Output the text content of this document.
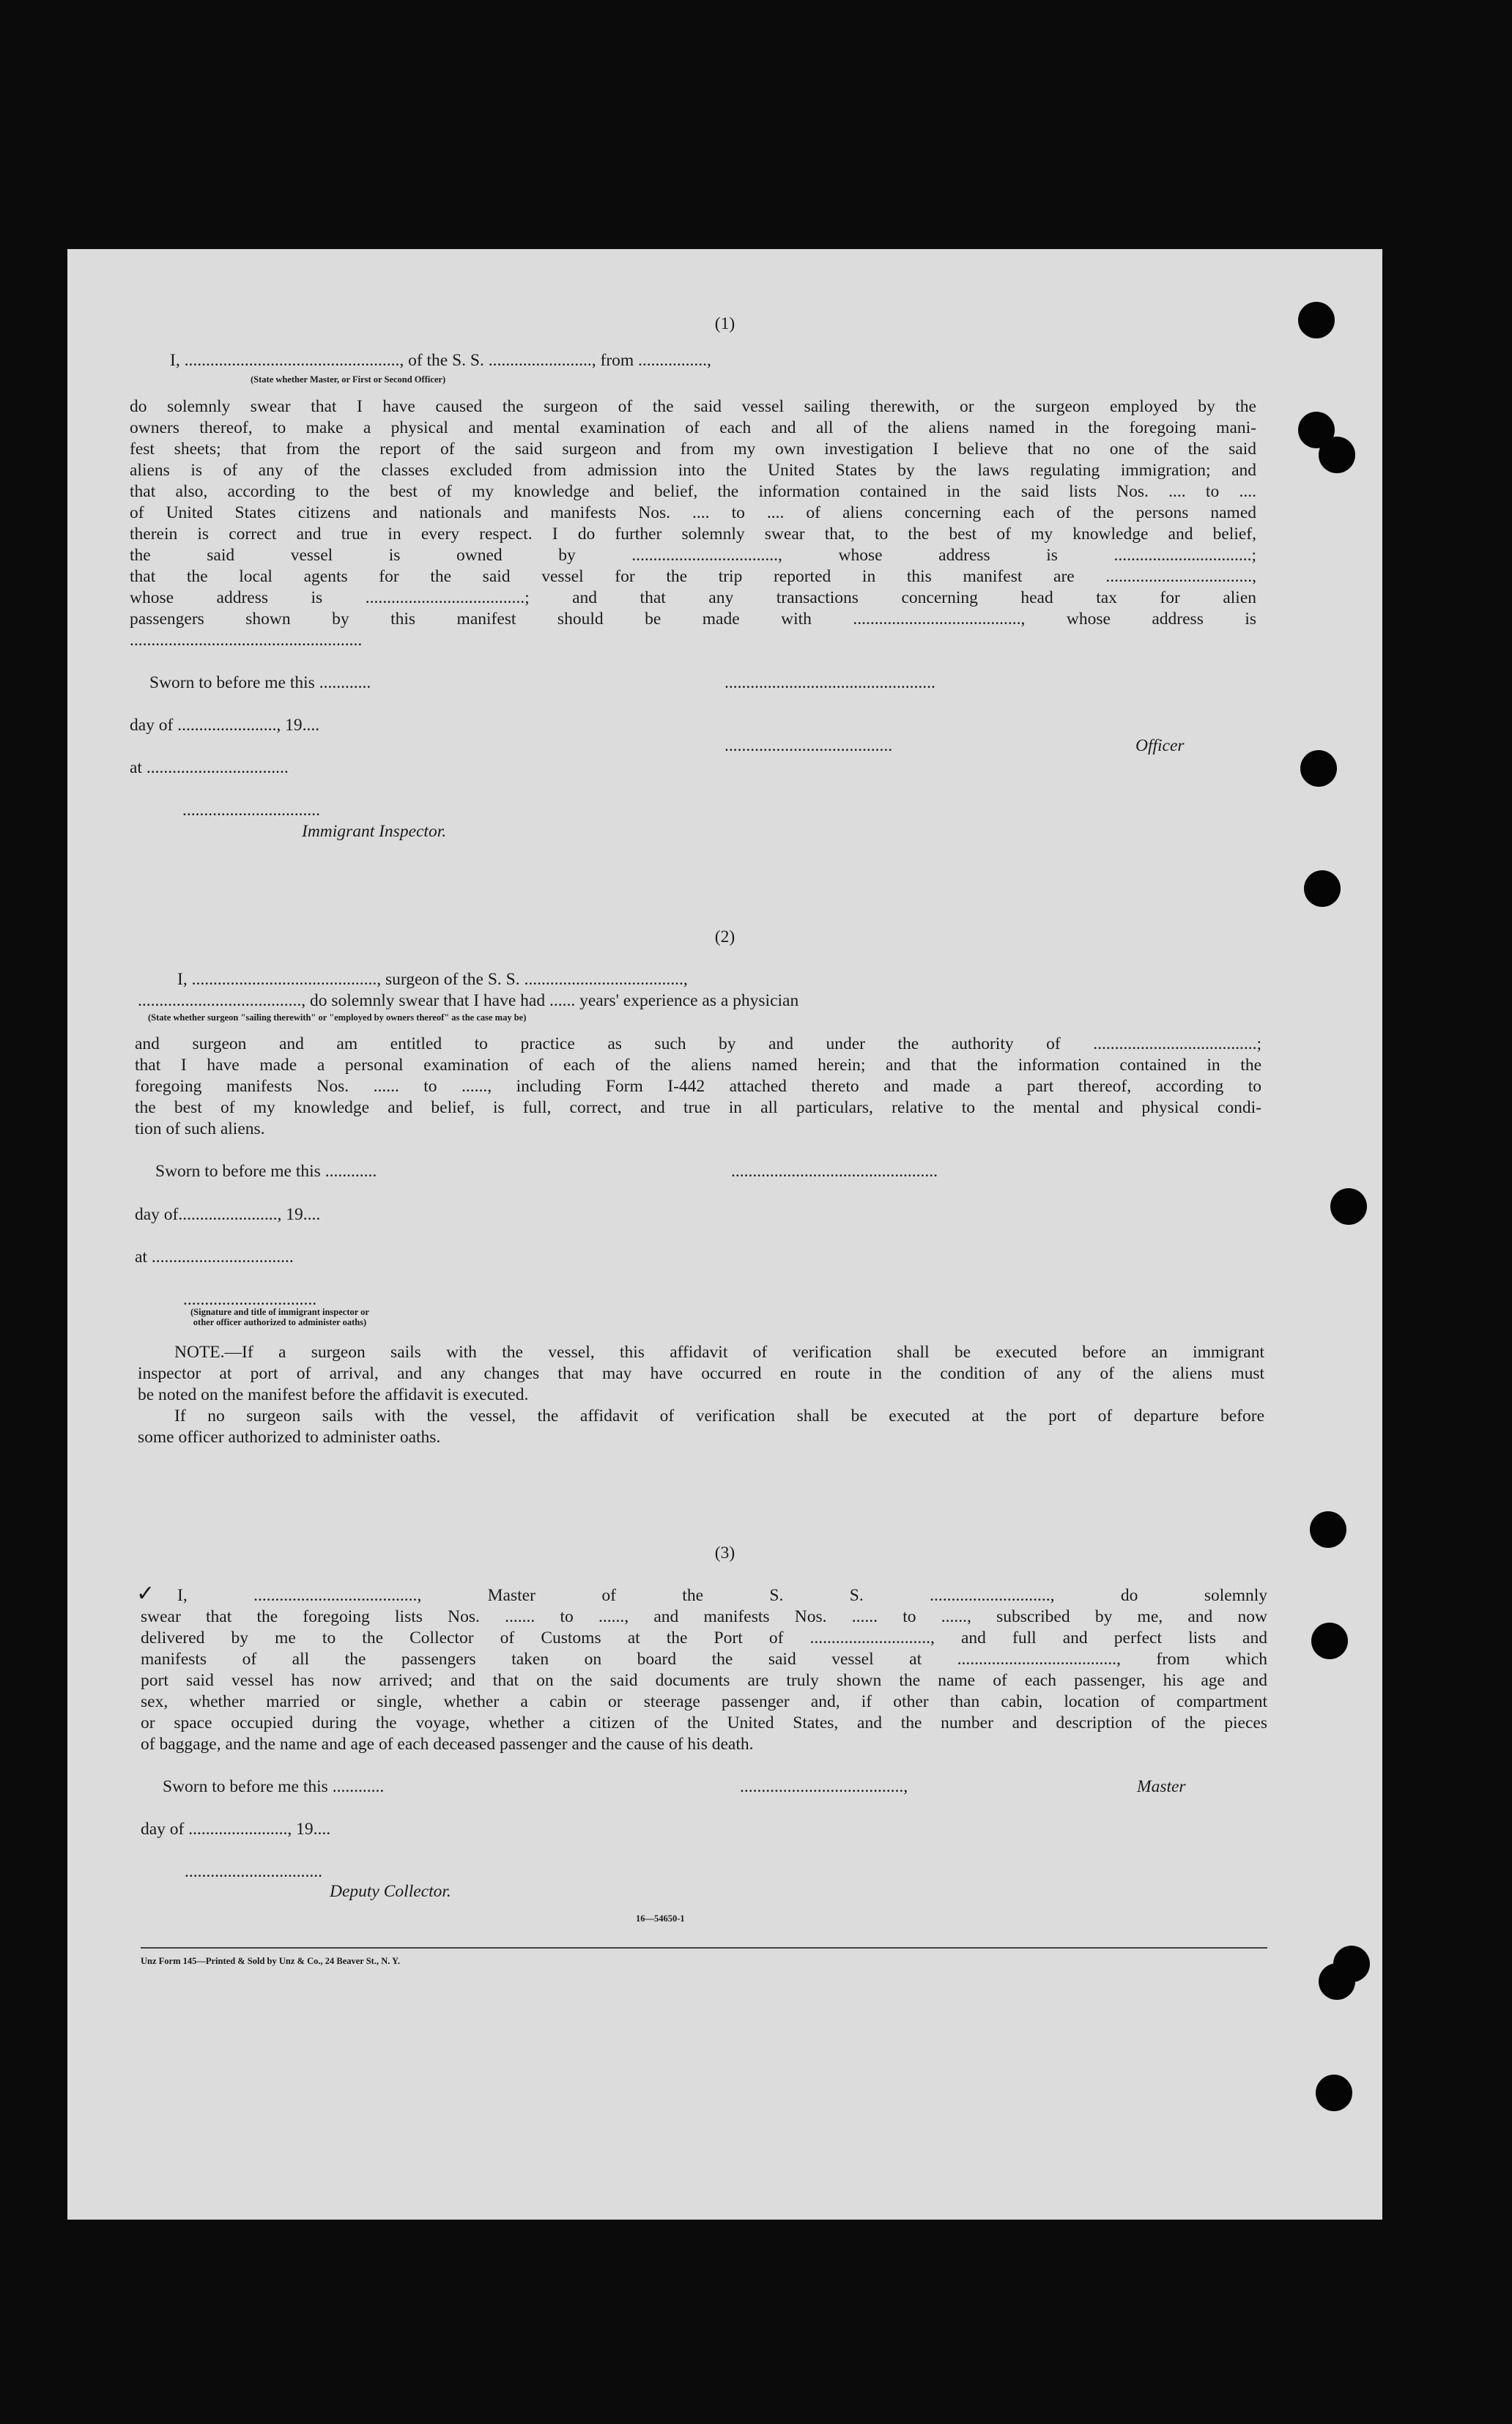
(1)
I, .................................................., of the S. S. ........................, from ................,
(State whether Master, or First or Second Officer)
do solemnly swear that I have caused the surgeon of the said vessel sailing therewith, or the surgeon employed by the
owners thereof, to make a physical and mental examination of each and all of the aliens named in the foregoing mani-
fest sheets; that from the report of the said surgeon and from my own investigation I believe that no one of the said
aliens is of any of the classes excluded from admission into the United States by the laws regulating immigration; and
that also, according to the best of my knowledge and belief, the information contained in the said lists Nos. .... to ....
of United States citizens and nationals and manifests Nos. .... to .... of aliens concerning each of the persons named
therein is correct and true in every respect. I do further solemnly swear that, to the best of my knowledge and belief,
the said vessel is owned by .................................., whose address is ................................;
that the local agents for the said vessel for the trip reported in this manifest are ..................................,
whose address is .....................................; and that any transactions concerning head tax for alien
passengers shown by this manifest should be made with ......................................., whose address is
......................................................
Sworn to before me this ............	.................................................
day of ......................., 19....
.......................................	Officer
at .................................
................................
Immigrant Inspector.
(2)
I, ..........................................., surgeon of the S. S. .....................................,
......................................, do solemnly swear that I have had ...... years' experience as a physician
(State whether surgeon "sailing therewith" or "employed by owners thereof" as the case may be)
and surgeon and am entitled to practice as such by and under the authority of ......................................;
that I have made a personal examination of each of the aliens named herein; and that the information contained in the
foregoing manifests Nos. ...... to ......, including Form I-442 attached thereto and made a part thereof, according to
the best of my knowledge and belief, is full, correct, and true in all particulars, relative to the mental and physical condi-
tion of such aliens.
Sworn to before me this ............	................................................
day of......................., 19....
at .................................
...............................
(Signature and title of immigrant inspector or
other officer authorized to administer oaths)
NOTE.—If a surgeon sails with the vessel, this affidavit of verification shall be executed before an immigrant
inspector at port of arrival, and any changes that may have occurred en route in the condition of any of the aliens must
be noted on the manifest before the affidavit is executed.
If no surgeon sails with the vessel, the affidavit of verification shall be executed at the port of departure before
some officer authorized to administer oaths.
(3)
✓ I, ......................................, Master of the S. S. ............................, do solemnly
swear that the foregoing lists Nos. ....... to ......, and manifests Nos. ...... to ......, subscribed by me, and now
delivered by me to the Collector of Customs at the Port of ............................, and full and perfect lists and
manifests of all the passengers taken on board the said vessel at ....................................., from which
port said vessel has now arrived; and that on the said documents are truly shown the name of each passenger, his age and
sex, whether married or single, whether a cabin or steerage passenger and, if other than cabin, location of compartment
or space occupied during the voyage, whether a citizen of the United States, and the number and description of the pieces
of baggage, and the name and age of each deceased passenger and the cause of his death.
Sworn to before me this ............	......................................,	Master
day of ......................., 19....
................................
Deputy Collector.
16—54650-1
Unz Form 145—Printed & Sold by Unz & Co., 24 Beaver St., N. Y.
